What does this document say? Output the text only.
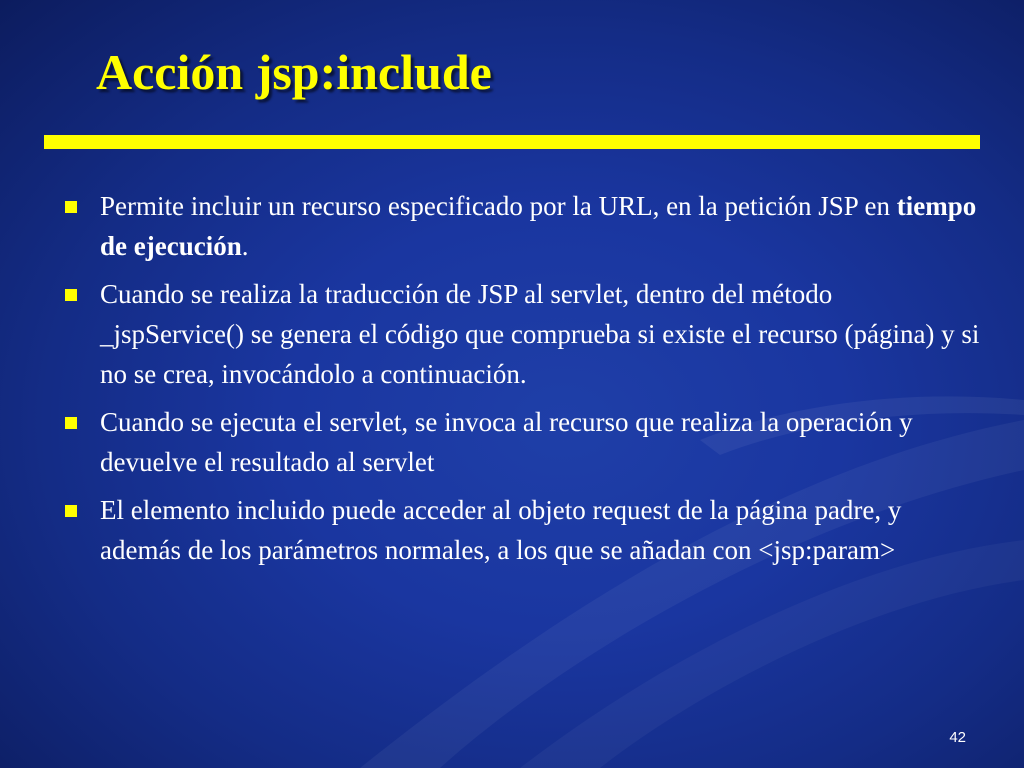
Acción jsp:include
Permite incluir un recurso especificado por la URL, en la petición JSP en tiempo de ejecución.
Cuando se realiza la traducción de JSP al servlet, dentro del método _jspService() se genera el código que comprueba si existe el recurso (página) y si no se crea, invocándolo a continuación.
Cuando se ejecuta el servlet, se invoca al recurso que realiza la operación y devuelve el resultado al servlet
El elemento incluido puede acceder al objeto request de la página padre, y además de los parámetros normales, a los que se añadan con <jsp:param>
42
